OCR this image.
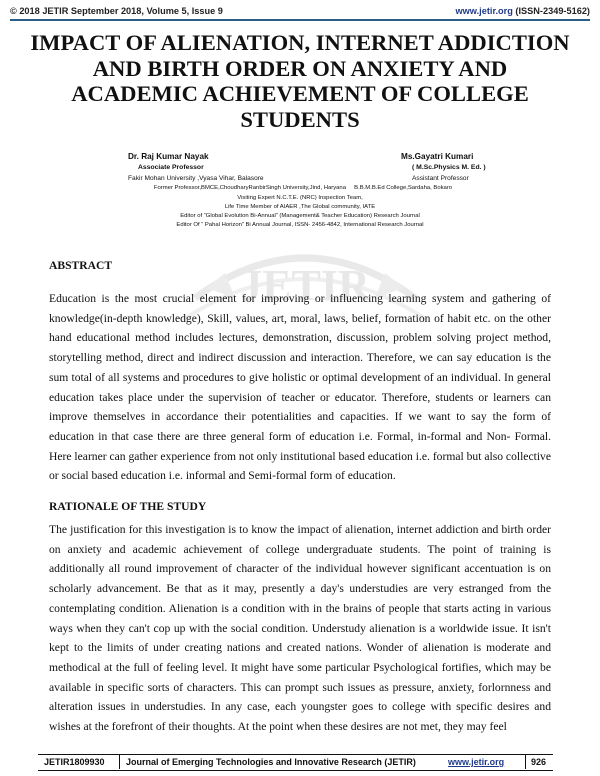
© 2018 JETIR September 2018, Volume 5, Issue 9	www.jetir.org (ISSN-2349-5162)
IMPACT OF ALIENATION, INTERNET ADDICTION AND BIRTH ORDER ON ANXIETY AND ACADEMIC ACHIEVEMENT OF COLLEGE STUDENTS
Dr. Raj Kumar Nayak
Associate Professor
Fakir Mohan University ,Vyasa Vihar, Balasore
Ms.Gayatri Kumari
( M.Sc.Physics M. Ed. )
Assistant Professor
Former Professor,BMCE,ChoudharyRanbirSingh University,Jind, Haryana     B.B.M.B.Ed College,Sardaha, Bokaro
Visiting Expert N.C.T.E. (NRC) Inspection Team,
Life Time Member of AIAER ,The Global community, IATE
Editor of “Global Evolution Bi-Annual” (Management& Teacher Education) Research Journal
Editor Of “ Pahal Horizon” Bi Annual Journal, ISSN- 2456-4842, International Research Journal
JETIR
ABSTRACT

Education is the most crucial element for improving or influencing learning system and gathering of knowledge(in-depth knowledge), Skill, values, art, moral, laws, belief, formation of habit etc. on the other hand educational method includes lectures, demonstration, discussion, problem solving project method, storytelling method, direct and indirect discussion and interaction. Therefore, we can say education is the sum total of all systems and procedures to give holistic or optimal development of an individual. In general education takes place under the supervision of teacher or educator. Therefore, students or learners can improve themselves in accordance their potentialities and capacities. If we want to say the form of education in that case there are three general form of education i.e. Formal, in-formal and Non- Formal. Here learner can gather experience from not only institutional based education i.e. formal but also collective or social based education i.e. informal and Semi-formal form of education.

RATIONALE OF THE STUDY

The justification for this investigation is to know the impact of alienation, internet addiction and birth order on anxiety and academic achievement of college undergraduate students. The point of training is additionally all round improvement of character of the individual however significant accentuation is on scholarly advancement. Be that as it may, presently a day's understudies are very estranged from the contemplating condition. Alienation is a condition with in the brains of people that starts acting in various ways when they can't cop up with the social condition. Understudy alienation is a worldwide issue. It isn't kept to the limits of under creating nations and created nations. Wonder of alienation is moderate and methodical at the full of feeling level. It might have some particular Psychological fortifies, which may be available in specific sorts of characters. This can prompt such issues as pressure, anxiety, forlornness and alteration issues in understudies. In any case, each youngster goes to college with specific desires and wishes at the forefront of their thoughts. At the point when these desires are not met, they may feel

JETIR1809930 Journal of Emerging Technologies and Innovative Research (JETIR)	www.jetir.org	926
